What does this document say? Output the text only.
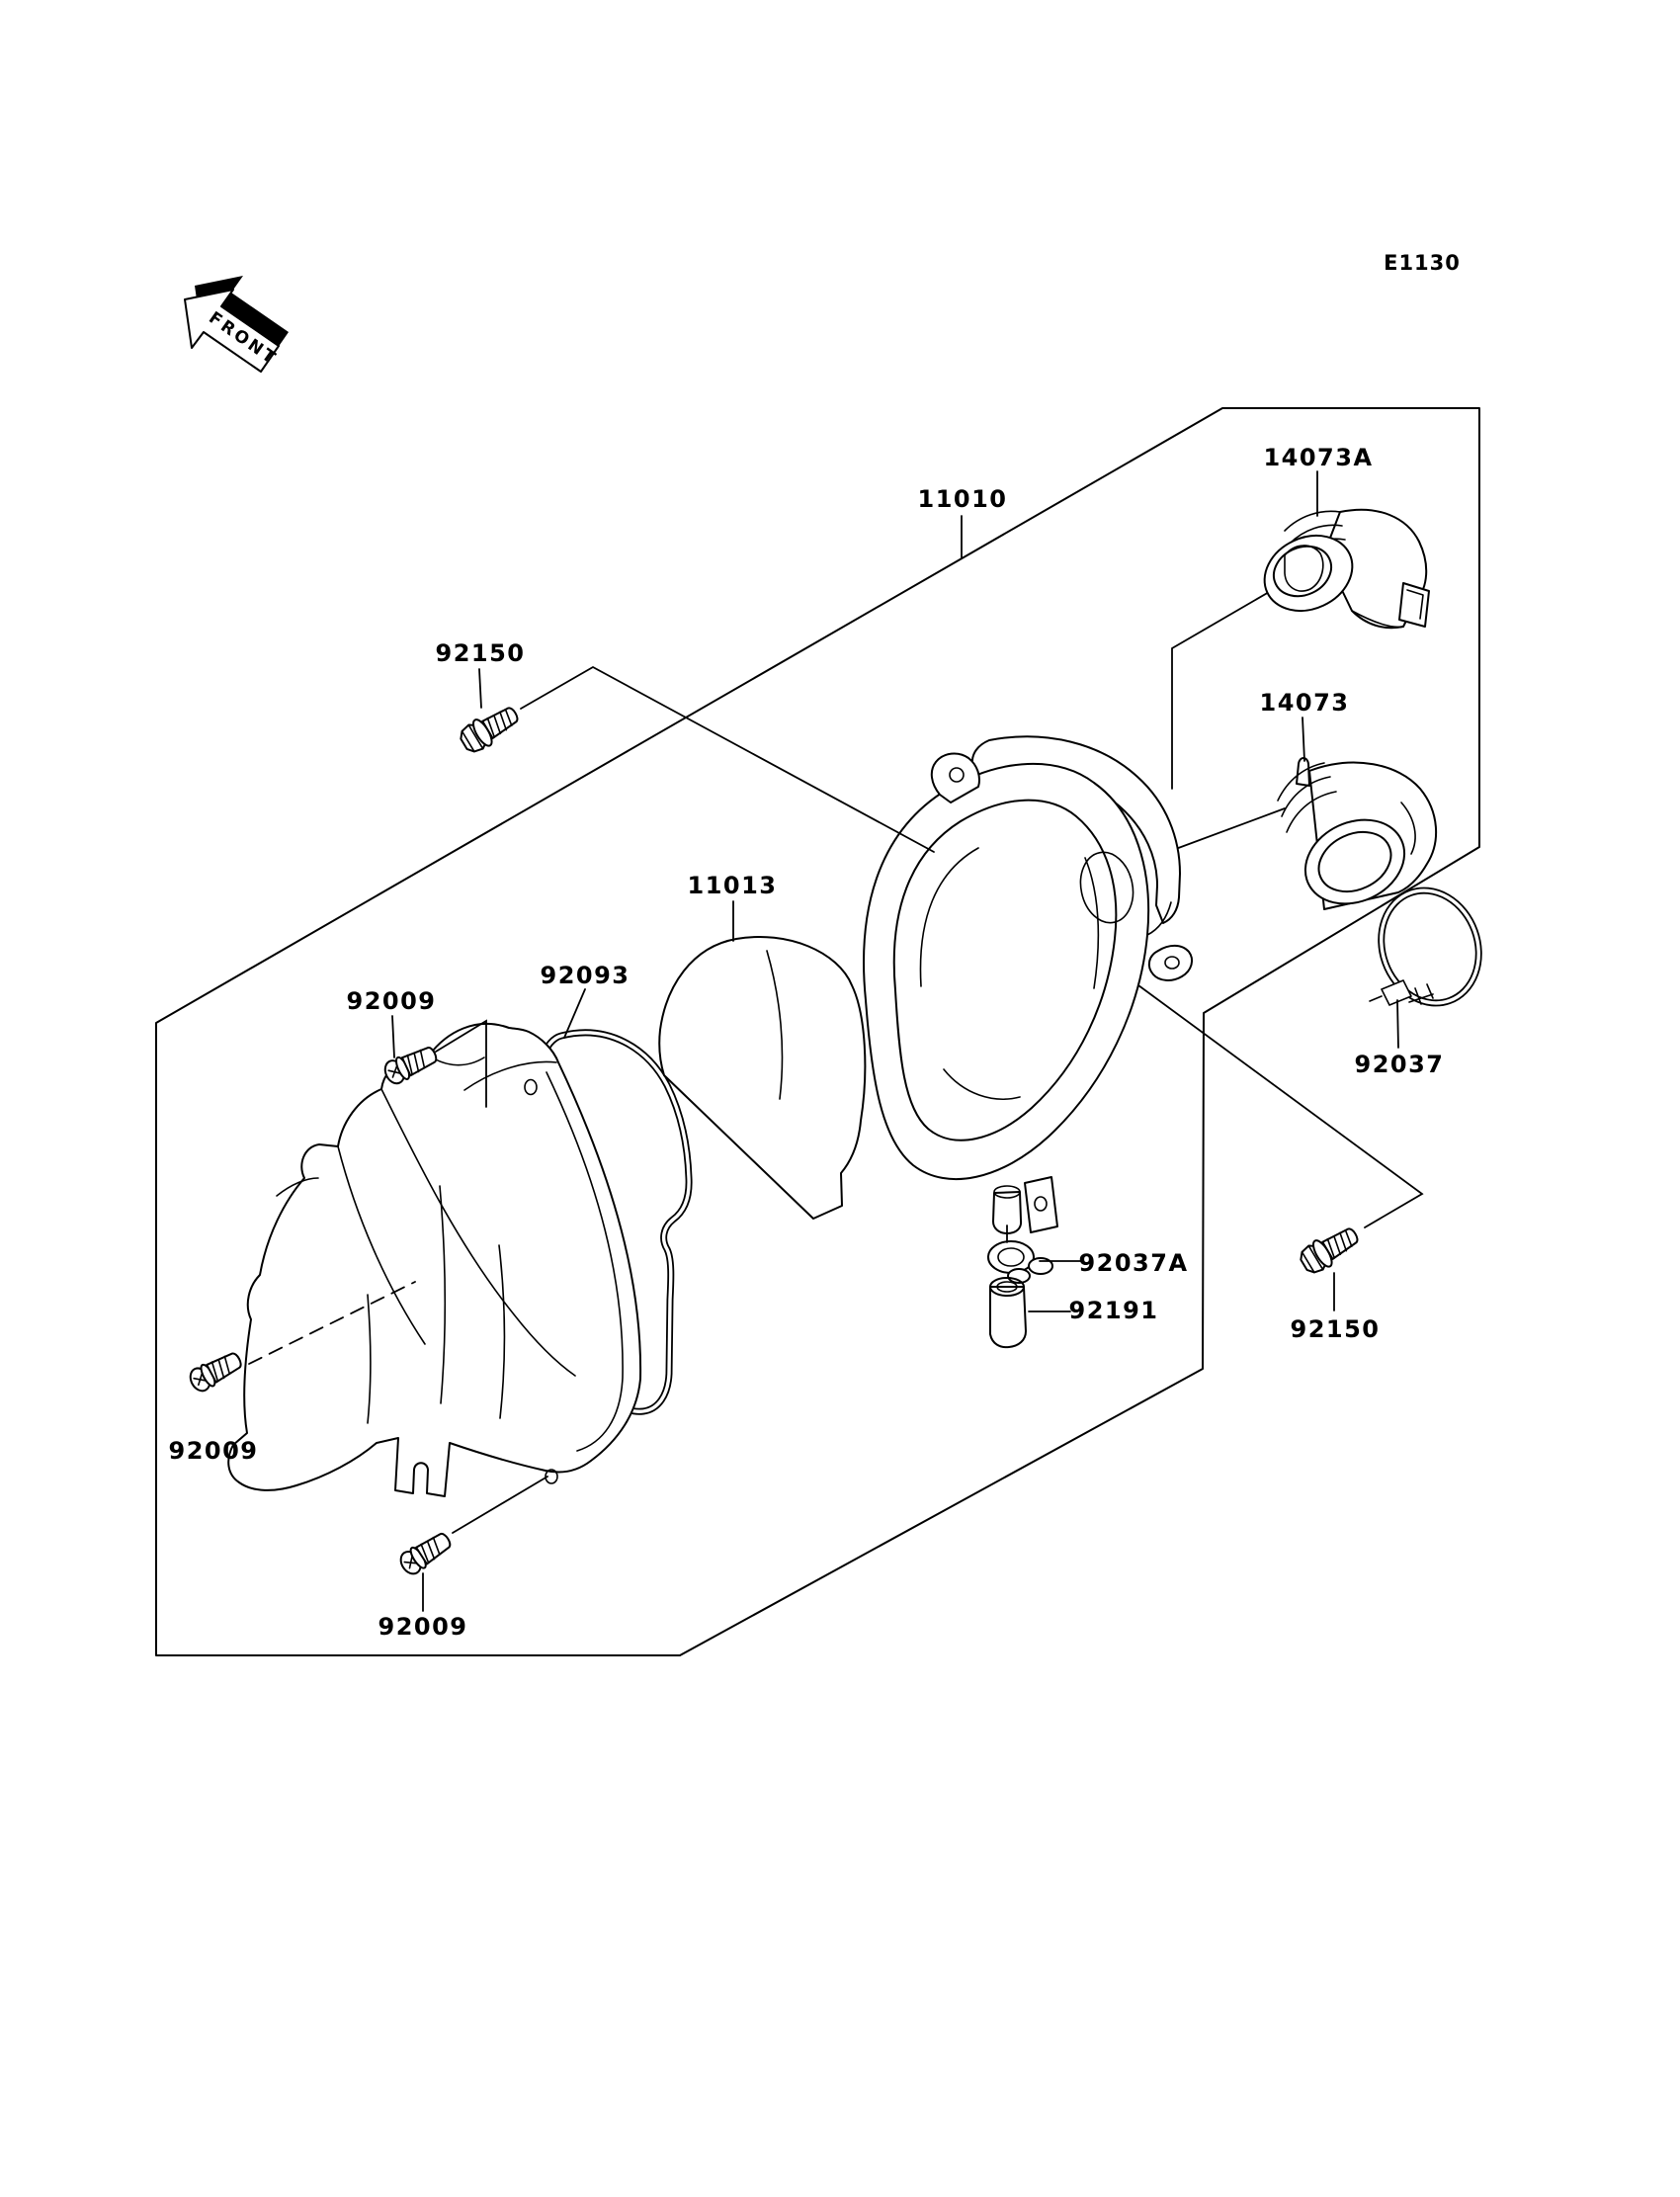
FRONT
E1130
11010
14073A
14073
92150
92150
11013
92093
92009
92009
92009
92037
92037A
92191
